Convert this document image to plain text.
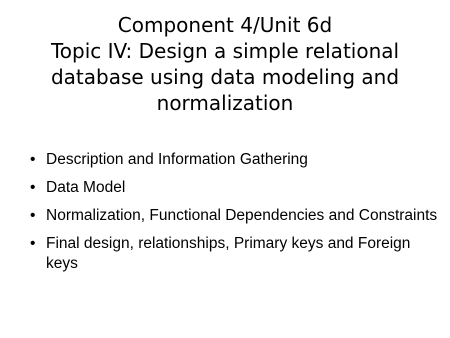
Component 4/Unit 6d
Topic IV: Design a simple relational
database using data modeling and
normalization
• Description and Information Gathering
• Data Model
• Normalization, Functional Dependencies and Constraints
• Final design, relationships, Primary keys and Foreign keys
